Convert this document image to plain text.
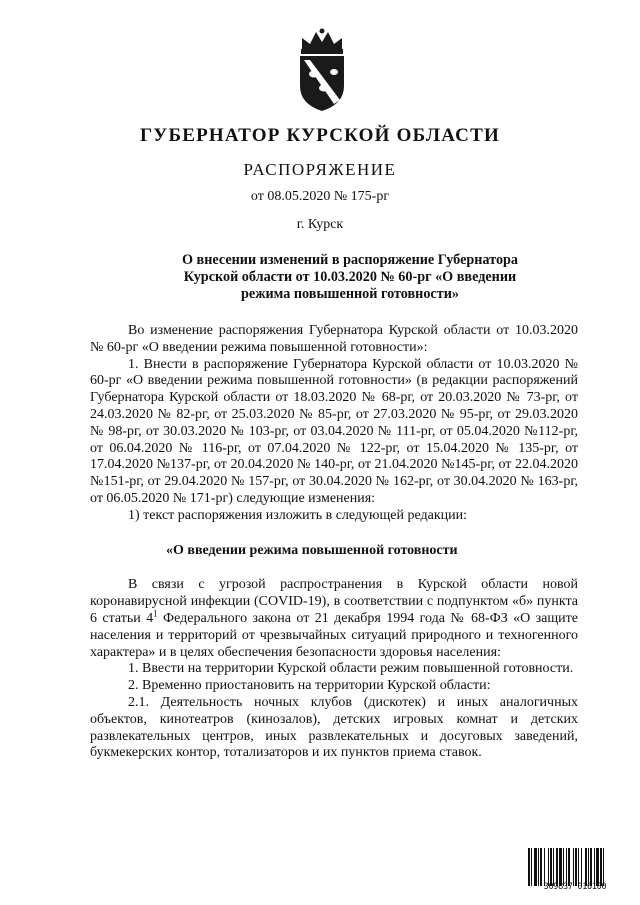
ГУБЕРНАТОР КУРСКОЙ ОБЛАСТИ
РАСПОРЯЖЕНИЕ
от 08.05.2020 № 175-рг
г. Курск
О внесении изменений в распоряжение Губернатора
Курской области от 10.03.2020 № 60-рг «О введении
режима повышенной готовности»

Во изменение распоряжения Губернатора Курской области от 10.03.2020 № 60-рг «О введении режима повышенной готовности»:

1. Внести в распоряжение Губернатора Курской области от 10.03.2020 № 60-рг «О введении режима повышенной готовности» (в редакции распоряжений Губернатора Курской области от 18.03.2020 № 68-рг, от 20.03.2020 № 73-рг, от 24.03.2020 № 82-рг, от 25.03.2020 № 85-рг, от 27.03.2020 № 95-рг, от 29.03.2020 № 98-рг, от 30.03.2020 № 103-рг, от 03.04.2020 № 111-рг, от 05.04.2020 №112-рг, от 06.04.2020 № 116-рг, от 07.04.2020 № 122-рг, от 15.04.2020 № 135-рг, от 17.04.2020 №137-рг, от 20.04.2020 № 140-рг, от 21.04.2020 №145-рг, от 22.04.2020 №151-рг, от 29.04.2020 № 157-рг, от 30.04.2020 № 162-рг, от 30.04.2020 № 163-рг, от 06.05.2020 № 171-рг) следующие изменения:

1) текст распоряжения изложить в следующей редакции:

«О введении режима повышенной готовности

В связи с угрозой распространения в Курской области новой коронавирусной инфекции (COVID-19), в соответствии с подпунктом «б» пункта 6 статьи $4^1$ Федерального закона от 21 декабря 1994 года № 68-ФЗ «О защите населения и территорий от чрезвычайных ситуаций природного и техногенного характера» и в целях обеспечения безопасности здоровья населения:

1. Ввести на территории Курской области режим повышенной готовности.

2. Временно приостановить на территории Курской области:

2.1. Деятельность ночных клубов (дискотек) и иных аналогичных объектов, кинотеатров (кинозалов), детских игровых комнат и детских развлекательных центров, иных развлекательных и досуговых заведений, букмекерских контор, тотализаторов и их пунктов приема ставок.

309837 016100
